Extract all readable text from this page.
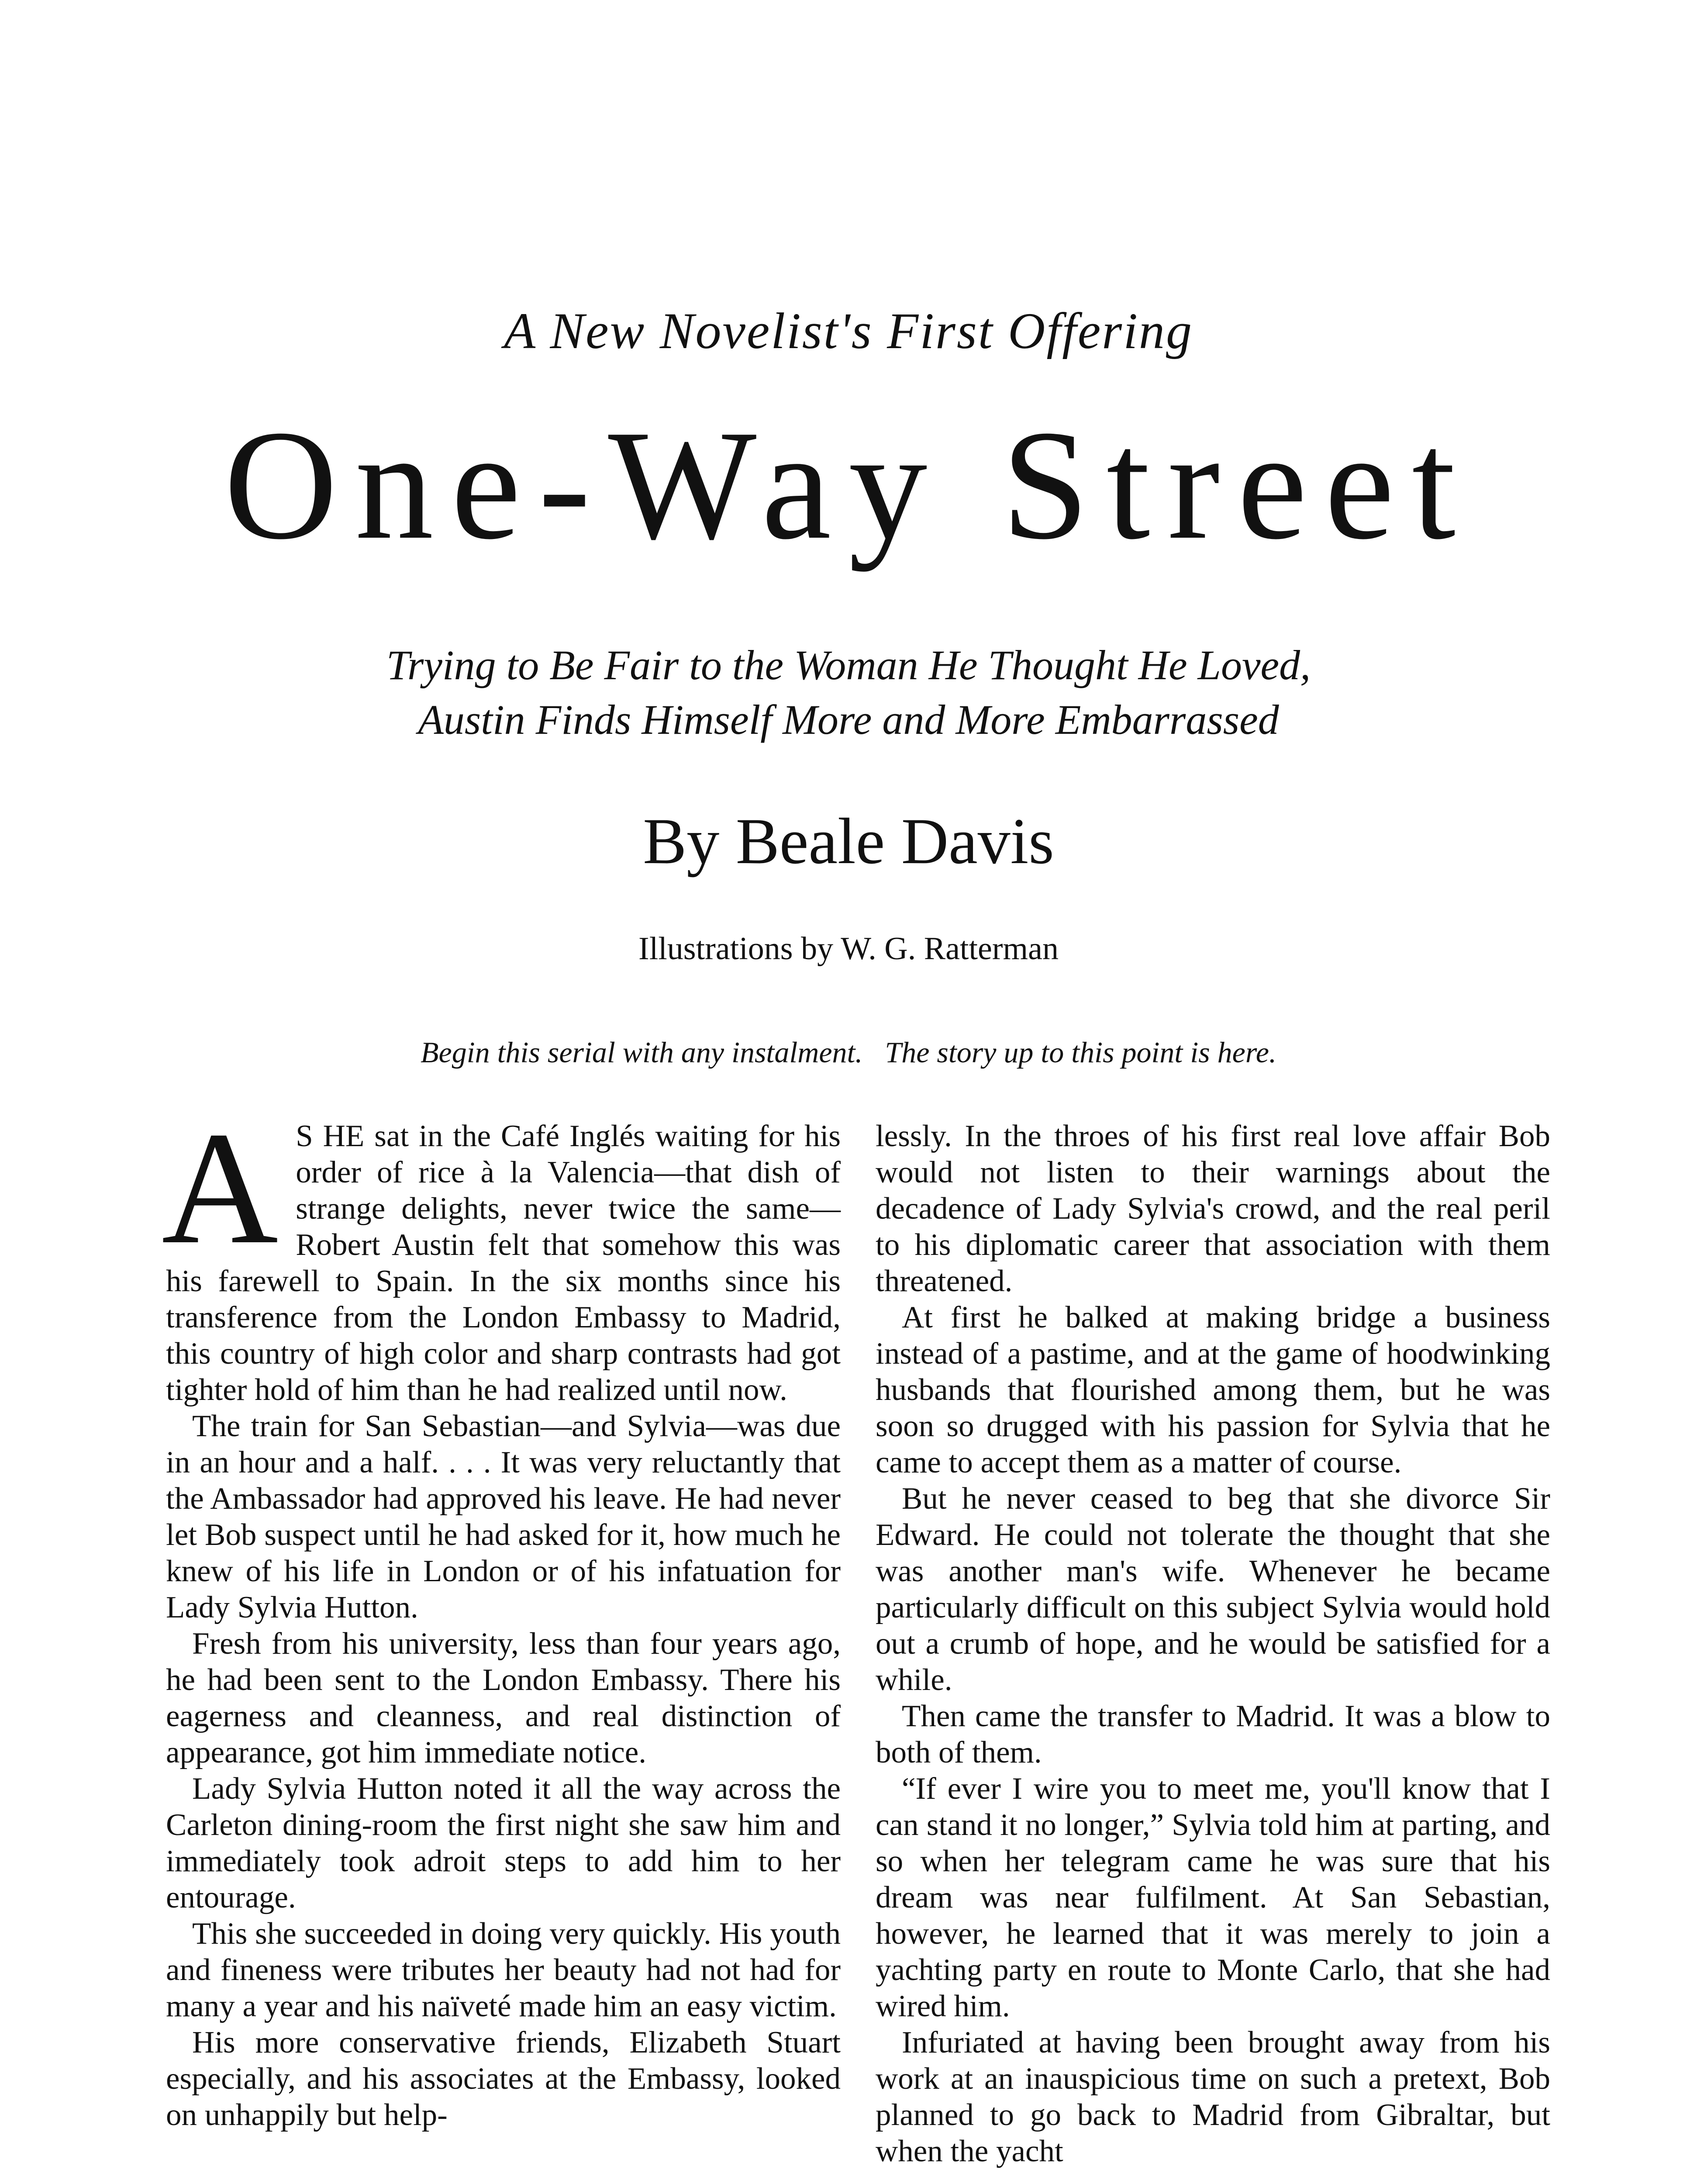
A New Novelist's First Offering
One-Way Street
Trying to Be Fair to the Woman He Thought He Loved,
Austin Finds Himself More and More Embarrassed
By Beale Davis
Illustrations by W. G. Ratterman
Begin this serial with any instalment.   The story up to this point is here.

A S HE sat in the Café Inglés waiting for his order of rice à la Valencia—that dish of strange delights, never twice the same—Robert Austin felt that somehow this was his farewell to Spain. In the six months since his transference from the London Embassy to Madrid, this country of high color and sharp contrasts had got tighter hold of him than he had realized until now.

The train for San Sebastian—and Sylvia—was due in an hour and a half. . . . It was very reluctantly that the Ambassador had approved his leave. He had never let Bob suspect until he had asked for it, how much he knew of his life in London or of his infatuation for Lady Sylvia Hutton.

Fresh from his university, less than four years ago, he had been sent to the London Embassy. There his eagerness and cleanness, and real distinction of appearance, got him immediate notice.

Lady Sylvia Hutton noted it all the way across the Carleton dining-room the first night she saw him and immediately took adroit steps to add him to her entourage.

This she succeeded in doing very quickly. His youth and fineness were tributes her beauty had not had for many a year and his naïveté made him an easy victim.

His more conservative friends, Elizabeth Stuart especially, and his associates at the Embassy, looked on unhappily but help-

lessly. In the throes of his first real love affair Bob would not listen to their warnings about the decadence of Lady Sylvia's crowd, and the real peril to his diplomatic career that association with them threatened.

At first he balked at making bridge a business instead of a pastime, and at the game of hoodwinking husbands that flourished among them, but he was soon so drugged with his passion for Sylvia that he came to accept them as a matter of course.

But he never ceased to beg that she divorce Sir Edward. He could not tolerate the thought that she was another man's wife. Whenever he became particularly difficult on this subject Sylvia would hold out a crumb of hope, and he would be satisfied for a while.

Then came the transfer to Madrid. It was a blow to both of them.

“If ever I wire you to meet me, you'll know that I can stand it no longer,” Sylvia told him at parting, and so when her telegram came he was sure that his dream was near fulfilment. At San Sebastian, however, he learned that it was merely to join a yachting party en route to Monte Carlo, that she had wired him.

Infuriated at having been brought away from his work at an inauspicious time on such a pretext, Bob planned to go back to Madrid from Gibraltar, but when the yacht
